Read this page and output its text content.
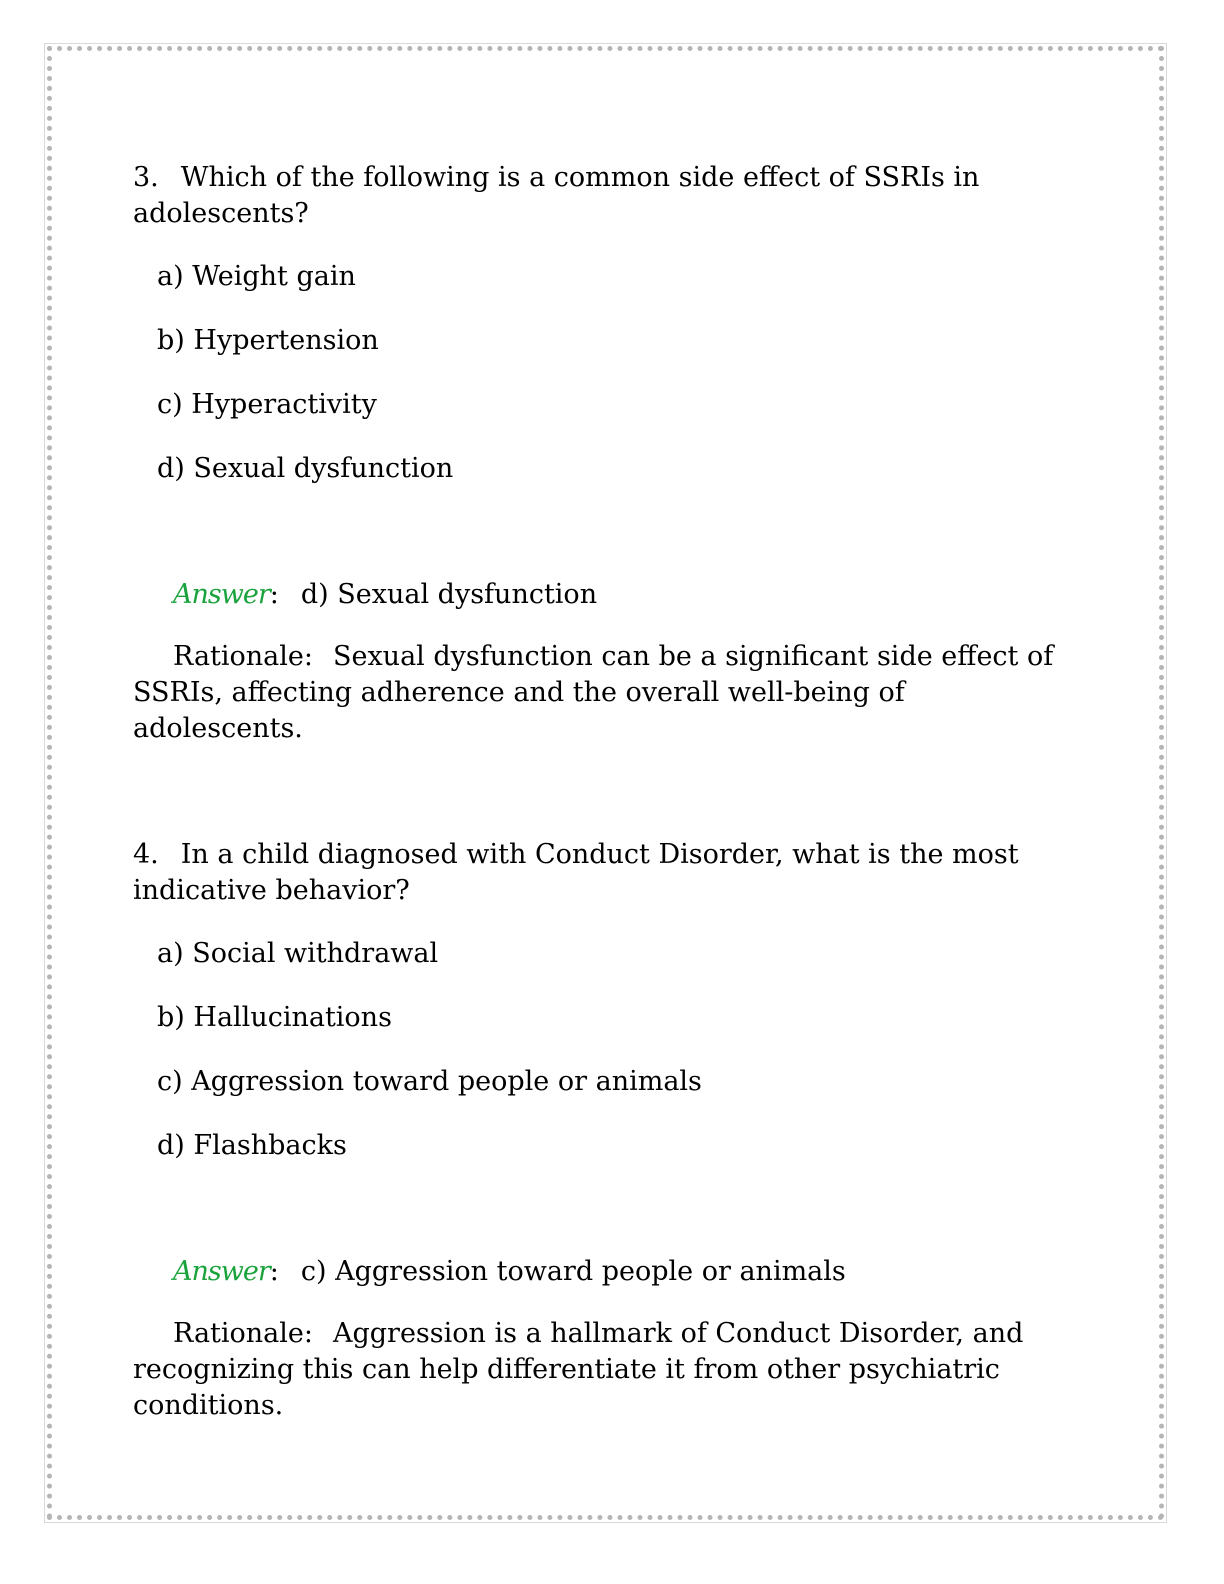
3. Which of the following is a common side effect of SSRIs in adolescents?

a) Weight gain
b) Hypertension
c) Hyperactivity
d) Sexual dysfunction
Answer: d) Sexual dysfunction
Rationale: Sexual dysfunction can be a significant side effect of SSRIs, affecting adherence and the overall well-being of adolescents.

4. In a child diagnosed with Conduct Disorder, what is the most indicative behavior?

a) Social withdrawal
b) Hallucinations
c) Aggression toward people or animals
d) Flashbacks
Answer: c) Aggression toward people or animals
Rationale: Aggression is a hallmark of Conduct Disorder, and recognizing this can help differentiate it from other psychiatric conditions.
